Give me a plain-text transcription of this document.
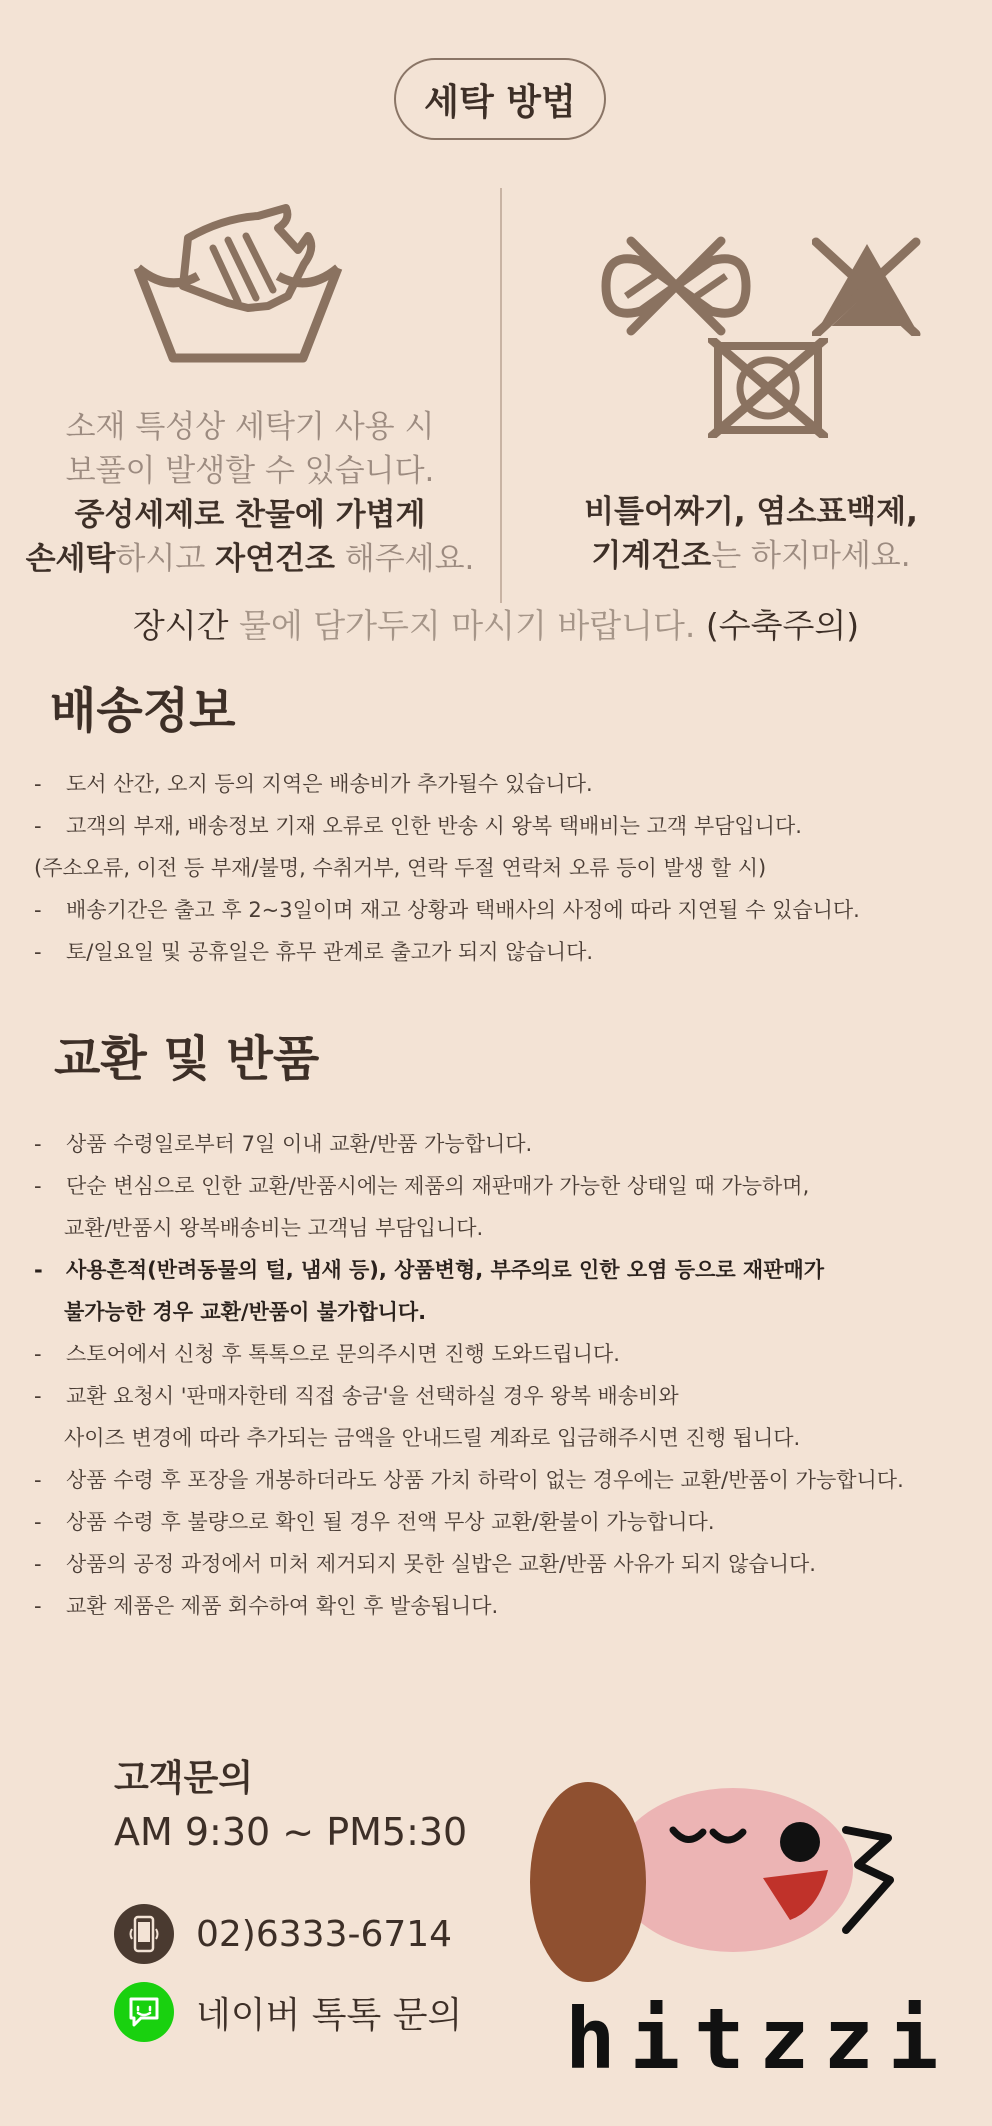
세탁 방법
소재 특성상 세탁기 사용 시
보풀이 발생할 수 있습니다.
중성세제로 찬물에 가볍게
손세탁하시고 자연건조 해주세요.
비틀어짜기, 염소표백제,
기계건조는 하지마세요.
장시간 물에 담가두지 마시기 바랍니다. (수축주의)
배송정보
- 도서 산간, 오지 등의 지역은 배송비가 추가될수 있습니다.
- 고객의 부재, 배송정보 기재 오류로 인한 반송 시 왕복 택배비는 고객 부담입니다.
(주소오류, 이전 등 부재/불명, 수취거부, 연락 두절 연락처 오류 등이 발생 할 시)
- 배송기간은 출고 후 2~3일이며 재고 상황과 택배사의 사정에 따라 지연될 수 있습니다.
- 토/일요일 및 공휴일은 휴무 관계로 출고가 되지 않습니다.
교환 및 반품
- 상품 수령일로부터 7일 이내 교환/반품 가능합니다.
- 단순 변심으로 인한 교환/반품시에는 제품의 재판매가 가능한 상태일 때 가능하며,
교환/반품시 왕복배송비는 고객님 부담입니다.
- 사용흔적(반려동물의 털, 냄새 등), 상품변형, 부주의로 인한 오염 등으로 재판매가
불가능한 경우 교환/반품이 불가합니다.
- 스토어에서 신청 후 톡톡으로 문의주시면 진행 도와드립니다.
- 교환 요청시 '판매자한테 직접 송금'을 선택하실 경우 왕복 배송비와
사이즈 변경에 따라 추가되는 금액을 안내드릴 계좌로 입금해주시면 진행 됩니다.
- 상품 수령 후 포장을 개봉하더라도 상품 가치 하락이 없는 경우에는 교환/반품이 가능합니다.
- 상품 수령 후 불량으로 확인 될 경우 전액 무상 교환/환불이 가능합니다.
- 상품의 공정 과정에서 미처 제거되지 못한 실밥은 교환/반품 사유가 되지 않습니다.
- 교환 제품은 제품 회수하여 확인 후 발송됩니다.
고객문의
AM 9:30 ~ PM5:30
02)6333-6714
네이버 톡톡 문의 hitzzi
